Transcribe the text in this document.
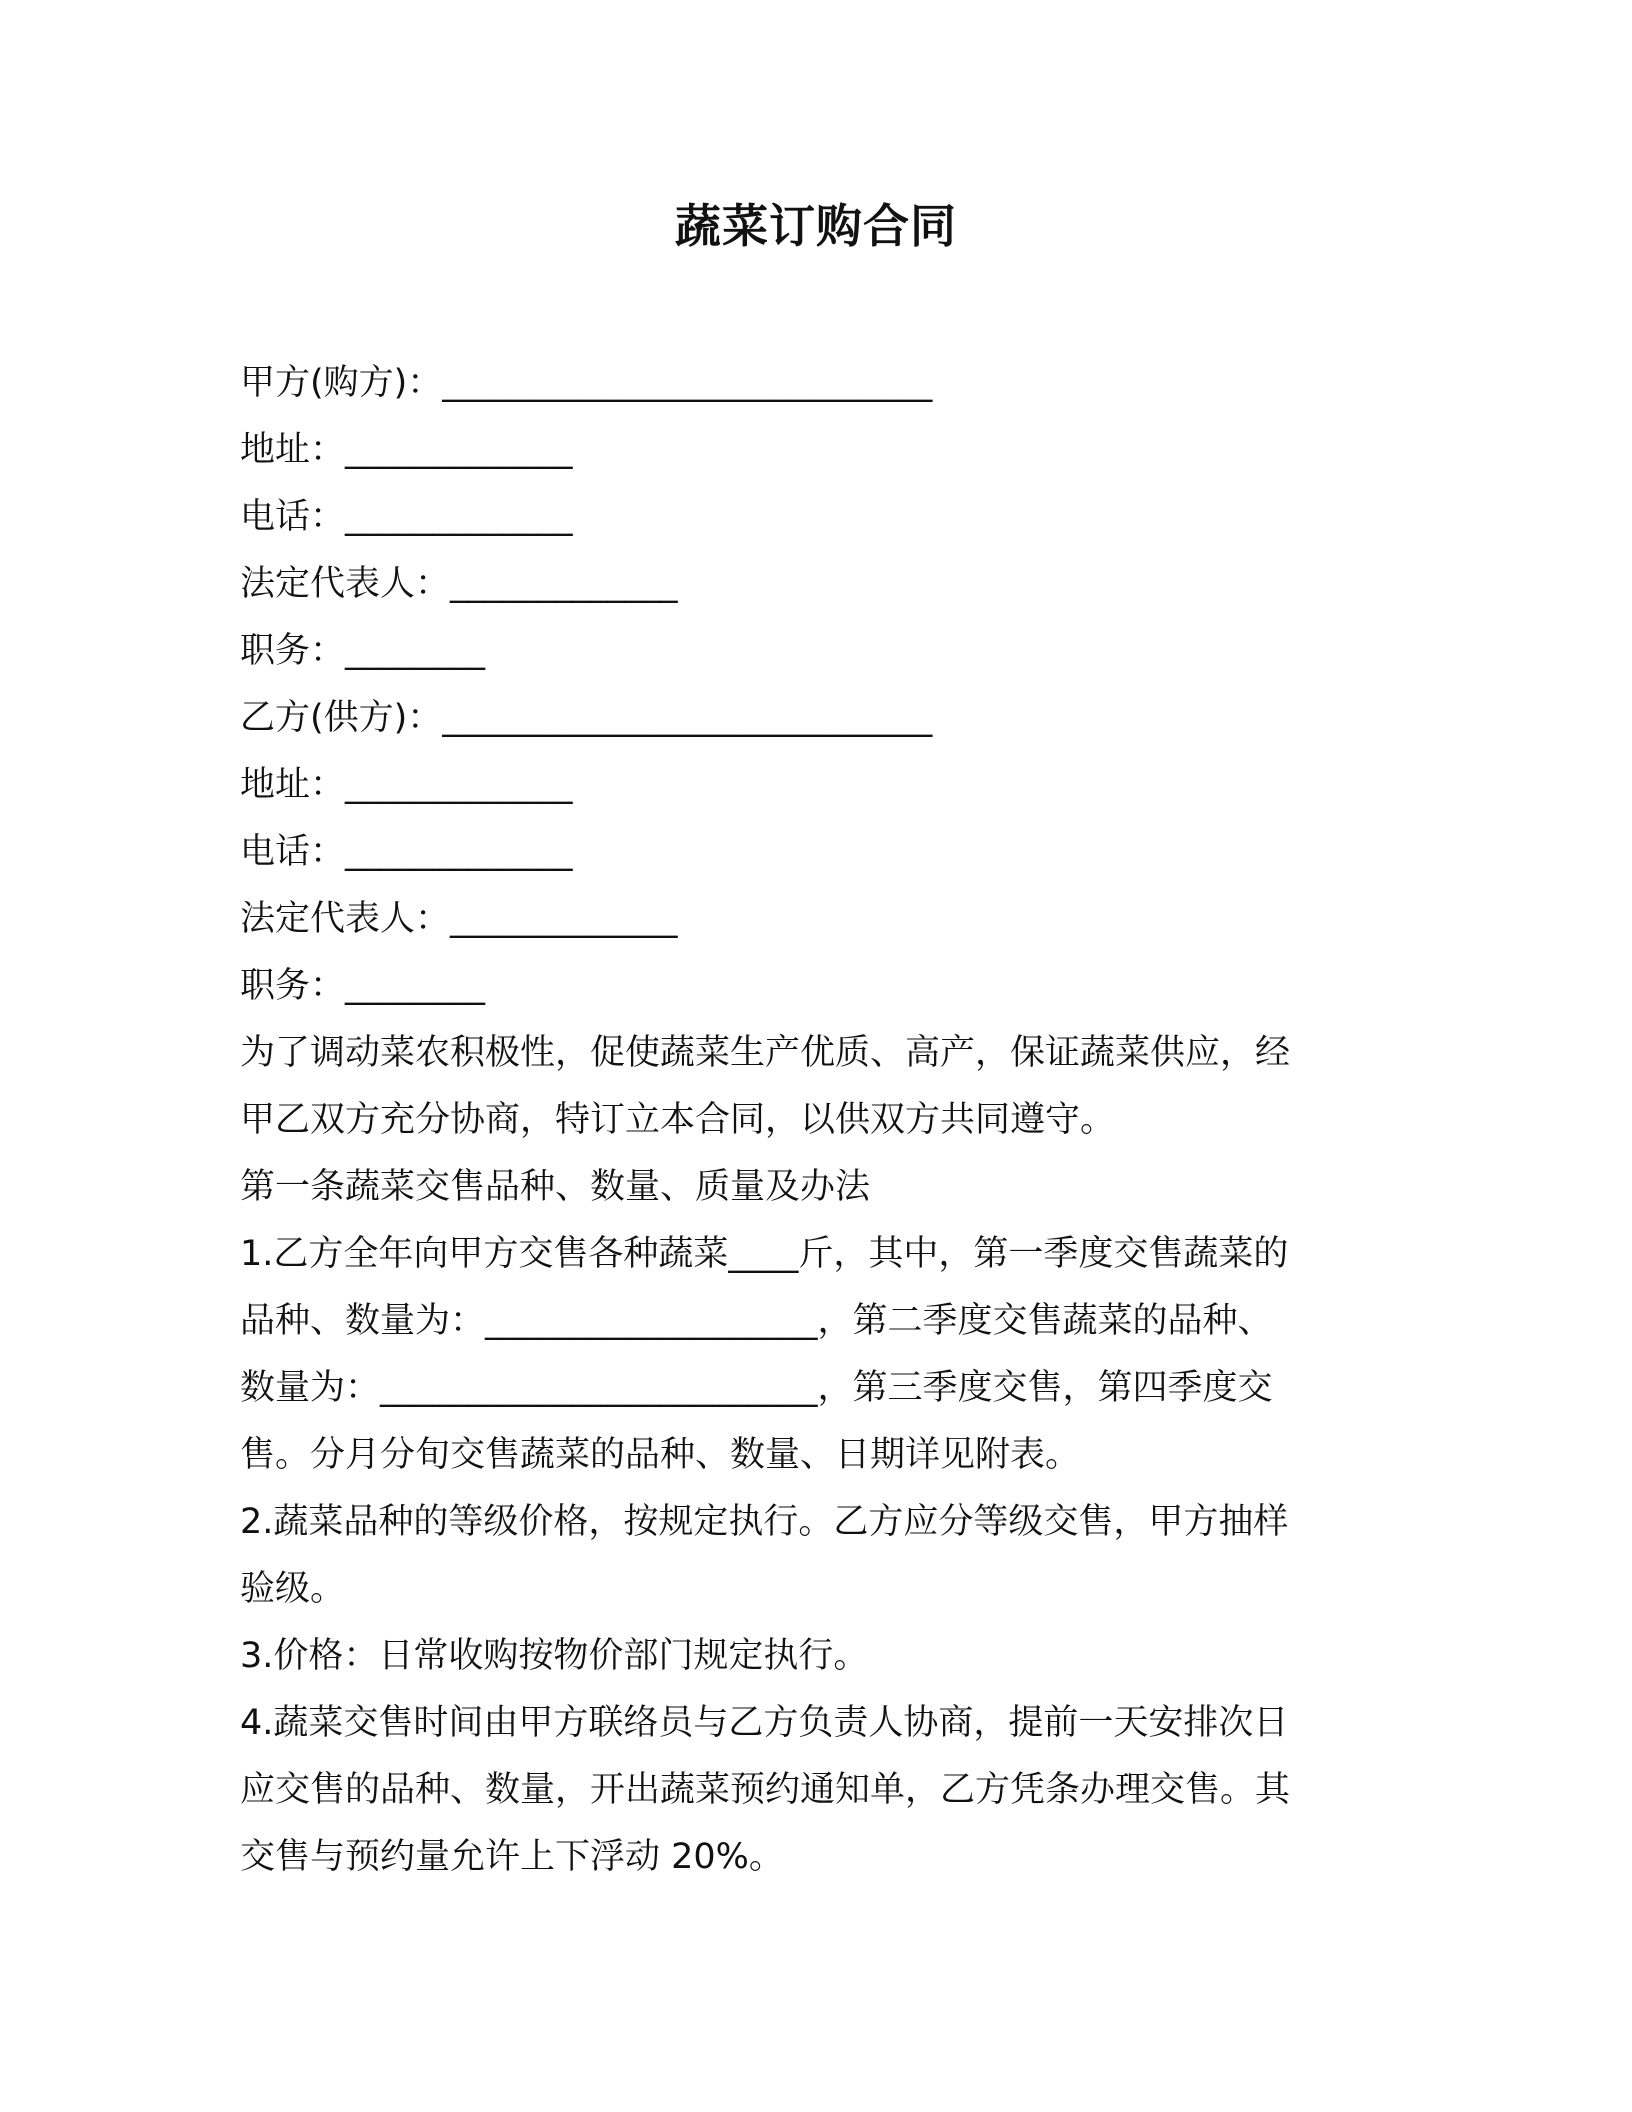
蔬菜订购合同

甲方(购方)：____________________________

地址：_____________

电话：_____________

法定代表人：_____________

职务：________

乙方(供方)：____________________________

地址：_____________

电话：_____________

法定代表人：_____________

职务：________

为了调动菜农积极性，促使蔬菜生产优质、高产，保证蔬菜供应，经

甲乙双方充分协商，特订立本合同，以供双方共同遵守。

第一条蔬菜交售品种、数量、质量及办法

1.乙方全年向甲方交售各种蔬菜____斤，其中，第一季度交售蔬菜的

品种、数量为：___________________，第二季度交售蔬菜的品种、

数量为：_________________________，第三季度交售，第四季度交

售。分月分旬交售蔬菜的品种、数量、日期详见附表。

2.蔬菜品种的等级价格，按规定执行。乙方应分等级交售，甲方抽样

验级。

3.价格：日常收购按物价部门规定执行。

4.蔬菜交售时间由甲方联络员与乙方负责人协商，提前一天安排次日

应交售的品种、数量，开出蔬菜预约通知单，乙方凭条办理交售。其

交售与预约量允许上下浮动 20%。
